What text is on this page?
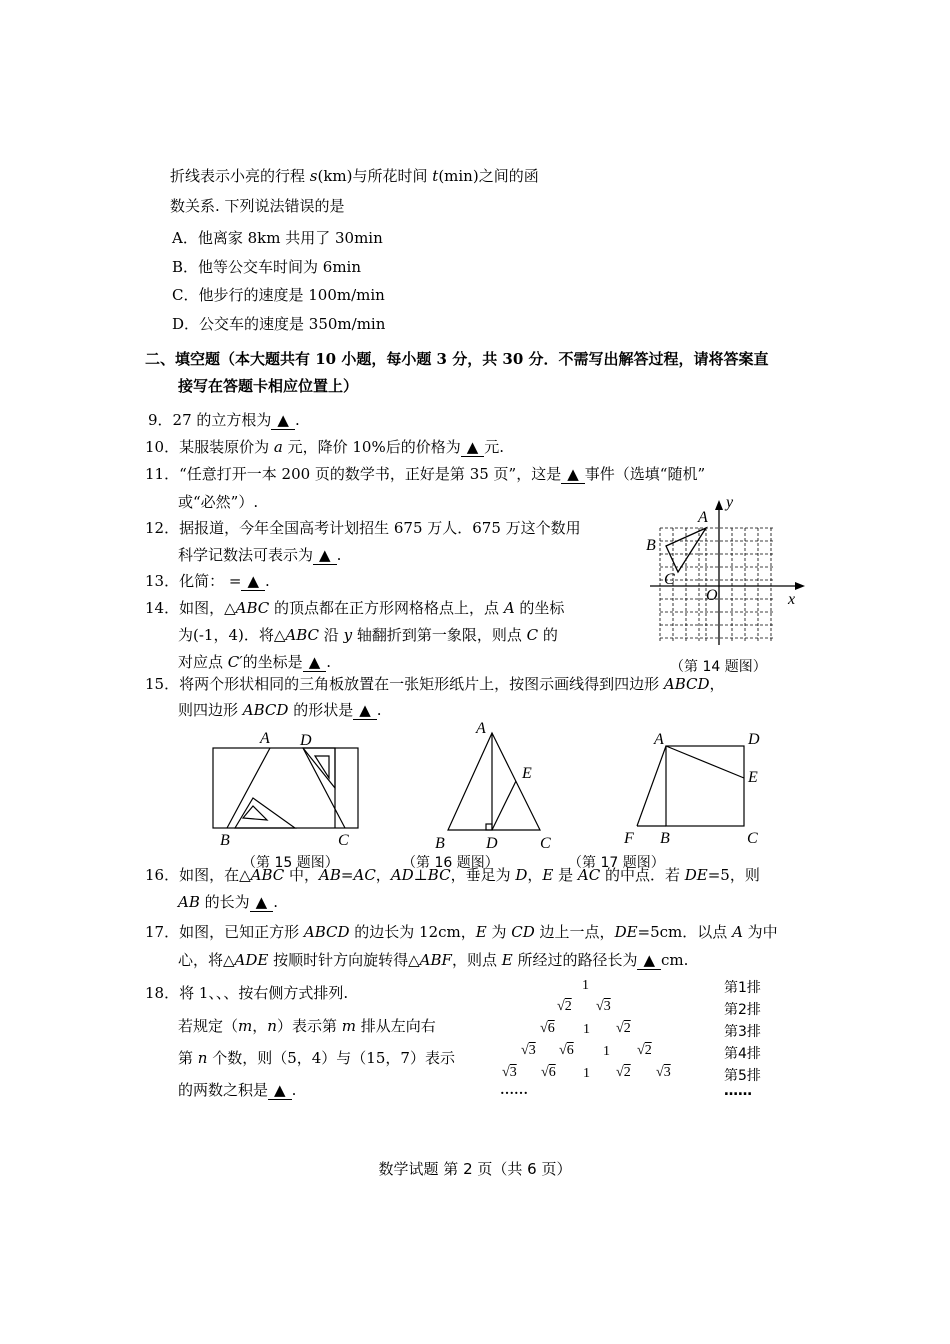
折线表示小亮的行程 s(km)与所花时间 t(min)之间的函
数关系. 下列说法错误的是
A．他离家 8km 共用了 30min
B．他等公交车时间为 6min
C．他步行的速度是 100m/min
D．公交车的速度是 350m/min
二、填空题（本大题共有 10 小题，每小题 3 分，共 30 分．不需写出解答过程，请将答案直
接写在答题卡相应位置上）
9．27 的立方根为 ▲ .
10．某服装原价为 a 元，降价 10%后的价格为 ▲ 元.
11．“任意打开一本 200 页的数学书，正好是第 35 页”，这是 ▲ 事件（选填“随机”
或“必然”）.
12．据报道，今年全国高考计划招生 675 万人．675 万这个数用
科学记数法可表示为 ▲ .
13．化简： = ▲ .
14．如图，△ABC 的顶点都在正方形网格格点上，点 A 的坐标
为(-1，4)．将△ABC 沿 y 轴翻折到第一象限，则点 C 的
对应点 C′的坐标是 ▲ .
A
B
C
O	x
y
（第 14 题图）
15．将两个形状相同的三角板放置在一张矩形纸片上，按图示画线得到四边形 ABCD，
则四边形 ABCD 的形状是 ▲ .
A D
B	C
（第 15 题图）
A
E
B	D	C
（第 16 题图）
A	D
E
F B	C
（第 17 题图）
16．如图，在△ABC 中，AB=AC，AD⊥BC，垂足为 D，E 是 AC 的中点．若 DE=5，则
AB 的长为 ▲ .
17．如图，已知正方形 ABCD 的边长为 12cm，E 为 CD 边上一点，DE=5cm．以点 A 为中
心，将△ADE 按顺时针方向旋转得△ABF，则点 E 所经过的路径长为 ▲ cm.
18．将 1、、、按右侧方式排列.
若规定（m，n）表示第 m 排从左向右
第 n 个数，则（5，4）与（15，7）表示
的两数之积是 ▲ .
1
√2 √3
√6 1 √2
√3 √6 1 √2
√3 √6 1 √2 √3
……
第1排
第2排
第3排
第4排
第5排
……
数学试题 第 2 页（共 6 页）
